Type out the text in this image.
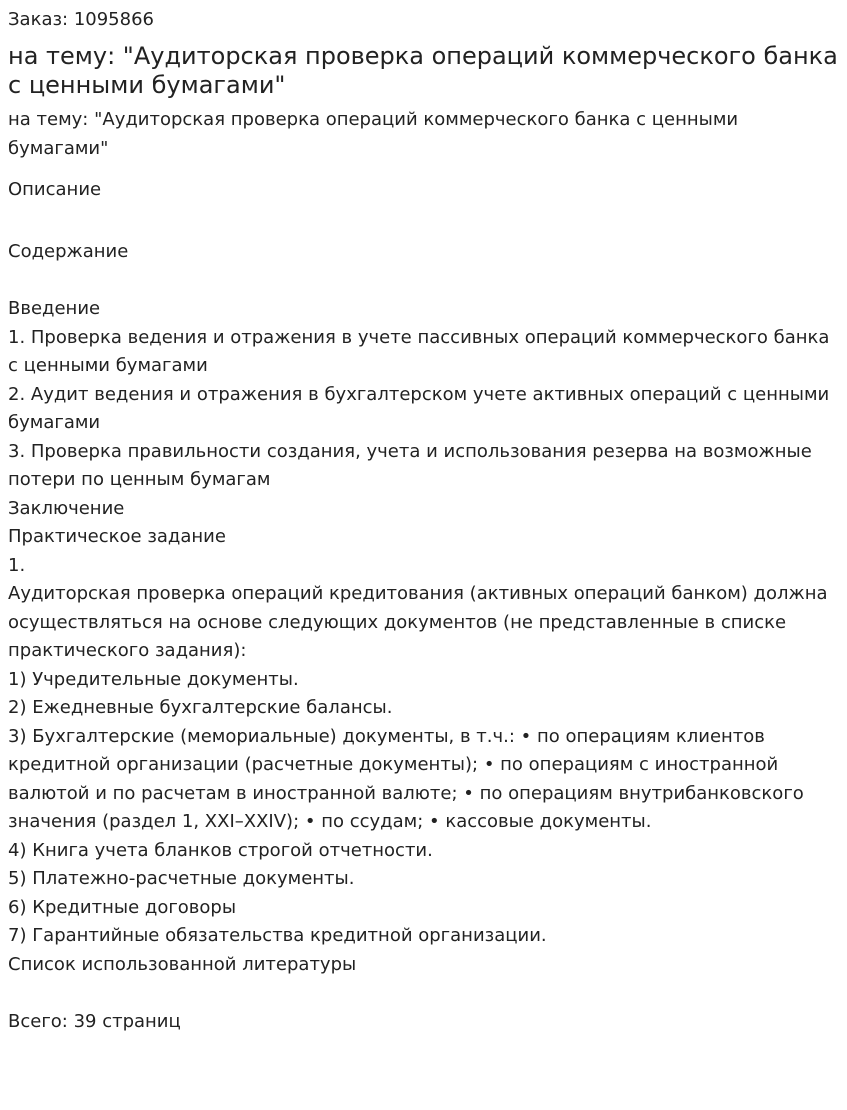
Заказ: 1095866
на тему: "Аудиторская проверка операций коммерческого банка с ценными бумагами"
на тему: "Аудиторская проверка операций коммерческого банка с ценными бумагами"
Описание
Содержание
Введение
1. Проверка ведения и отражения в учете пассивных операций коммерческого банка с ценными бумагами
2. Аудит ведения и отражения в бухгалтерском учете активных операций с ценными бумагами
3. Проверка правильности создания, учета и использования резерва на возможные потери по ценным бумагам
Заключение
Практическое задание
1.
Аудиторская проверка операций кредитования (активных операций банком) должна осуществляться на основе следующих документов (не представленные в списке практического задания):
1) Учредительные документы.
2) Ежедневные бухгалтерские балансы.
3) Бухгалтерские (мемориальные) документы, в т.ч.: • по операциям клиентов кредитной организации (расчетные документы); • по операциям с иностранной валютой и по расчетам в иностранной валюте; • по операциям внутрибанковского значения (раздел 1, XXI–XXIV); • по ссудам; • кассовые документы.
4) Книга учета бланков строгой отчетности.
5) Платежно-расчетные документы.
6) Кредитные договоры
7) Гарантийные обязательства кредитной организации.
Список использованной литературы
Всего: 39 страниц
